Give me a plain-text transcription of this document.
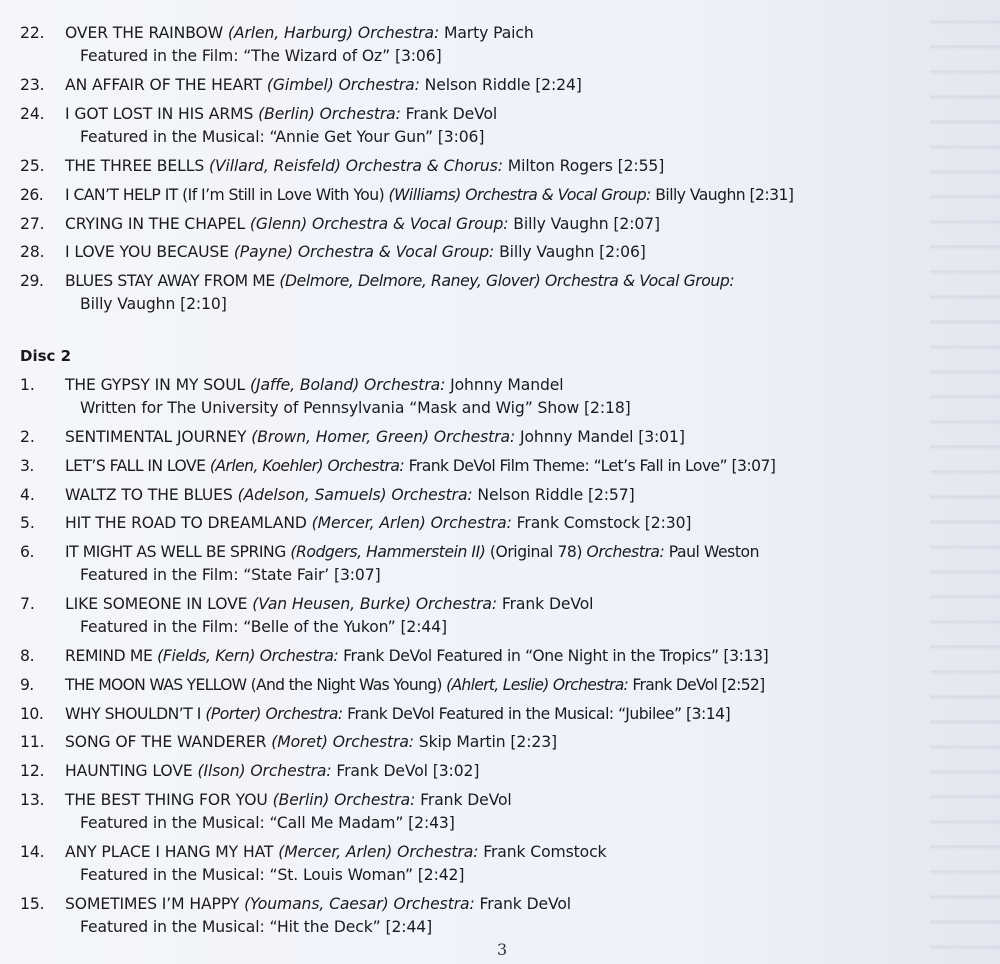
22. OVER THE RAINBOW (Arlen, Harburg) Orchestra: Marty Paich
Featured in the Film: “The Wizard of Oz” [3:06]
23. AN AFFAIR OF THE HEART (Gimbel) Orchestra: Nelson Riddle [2:24]
24. I GOT LOST IN HIS ARMS (Berlin) Orchestra: Frank DeVol
Featured in the Musical: “Annie Get Your Gun” [3:06]
25. THE THREE BELLS (Villard, Reisfeld) Orchestra & Chorus: Milton Rogers [2:55]
26. I CAN’T HELP IT (If I’m Still in Love With You) (Williams) Orchestra & Vocal Group: Billy Vaughn [2:31]
27. CRYING IN THE CHAPEL (Glenn) Orchestra & Vocal Group: Billy Vaughn [2:07]
28. I LOVE YOU BECAUSE (Payne) Orchestra & Vocal Group: Billy Vaughn [2:06]
29. BLUES STAY AWAY FROM ME (Delmore, Delmore, Raney, Glover) Orchestra & Vocal Group:
Billy Vaughn [2:10]
Disc 2
1. THE GYPSY IN MY SOUL (Jaffe, Boland) Orchestra: Johnny Mandel
Written for The University of Pennsylvania “Mask and Wig” Show [2:18]
2. SENTIMENTAL JOURNEY (Brown, Homer, Green) Orchestra: Johnny Mandel [3:01]
3. LET’S FALL IN LOVE (Arlen, Koehler) Orchestra: Frank DeVol Film Theme: “Let’s Fall in Love” [3:07]
4. WALTZ TO THE BLUES (Adelson, Samuels) Orchestra: Nelson Riddle [2:57]
5. HIT THE ROAD TO DREAMLAND (Mercer, Arlen) Orchestra: Frank Comstock [2:30]
6. IT MIGHT AS WELL BE SPRING (Rodgers, Hammerstein II) (Original 78) Orchestra: Paul Weston
Featured in the Film: “State Fair’ [3:07]
7. LIKE SOMEONE IN LOVE (Van Heusen, Burke) Orchestra: Frank DeVol
Featured in the Film: “Belle of the Yukon” [2:44]
8. REMIND ME (Fields, Kern) Orchestra: Frank DeVol Featured in “One Night in the Tropics” [3:13]
9. THE MOON WAS YELLOW (And the Night Was Young) (Ahlert, Leslie) Orchestra: Frank DeVol [2:52]
10. WHY SHOULDN’T I (Porter) Orchestra: Frank DeVol Featured in the Musical: “Jubilee” [3:14]
11. SONG OF THE WANDERER (Moret) Orchestra: Skip Martin [2:23]
12. HAUNTING LOVE (Ilson) Orchestra: Frank DeVol [3:02]
13. THE BEST THING FOR YOU (Berlin) Orchestra: Frank DeVol
Featured in the Musical: “Call Me Madam” [2:43]
14. ANY PLACE I HANG MY HAT (Mercer, Arlen) Orchestra: Frank Comstock
Featured in the Musical: “St. Louis Woman” [2:42]
15. SOMETIMES I’M HAPPY (Youmans, Caesar) Orchestra: Frank DeVol
Featured in the Musical: “Hit the Deck” [2:44]
3
